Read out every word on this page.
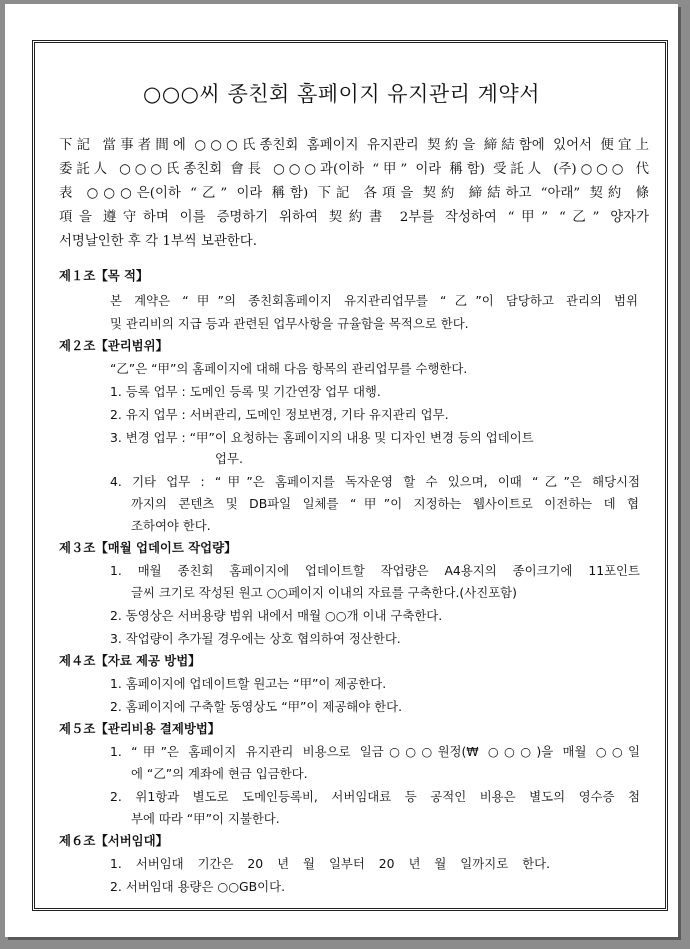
○○○씨 종친회 홈페이지 유지관리 계약서
下記 當事者間에 ○○○氏종친회 홈페이지 유지관리 契約을 締結함에 있어서 便宜上
委託人 ○○○氏종친회 會長 ○○○과(이하 “甲” 이라 稱함) 受託人 (주)○○○ 代
表 ○○○은(이하 “乙” 이라 稱함) 下記 各項을 契約 締結하고 “아래” 契約 條
項을 遵守하며 이를 증명하기 위하여 契約書 2부를 작성하여 “甲” “乙” 양자가
서명날인한 후 각 1부씩 보관한다.
제１조【목 적】
본 계약은 “甲”의 종친회홈페이지 유지관리업무를 “乙”이 담당하고 관리의 범위
및 관리비의 지급 등과 관련된 업무사항을 규율함을 목적으로 한다.
제２조【관리범위】
“乙”은 “甲”의 홈페이지에 대해 다음 항목의 관리업무를 수행한다.
1. 등록 업무 : 도메인 등록 및 기간연장 업무 대행.
2. 유지 업무 : 서버관리, 도메인 정보변경, 기타 유지관리 업무.
3. 변경 업무 : “甲”이 요청하는 홈페이지의 내용 및 디자인 변경 등의 업데이트
업무.
4. 기타 업무 : “甲”은 홈페이지를 독자운영 할 수 있으며, 이때 “乙”은 해당시점
까지의 콘텐츠 및 DB파일 일체를 “甲”이 지정하는 웹사이트로 이전하는 데 협
조하여야 한다.
제３조【매월 업데이트 작업량】
1. 매월 종친회 홈페이지에 업데이트할 작업량은 A4용지의 종이크기에 11포인트
글씨 크기로 작성된 원고 ○○페이지 이내의 자료를 구축한다.(사진포함)
2. 동영상은 서버용량 범위 내에서 매월 ○○개 이내 구축한다.
3. 작업량이 추가될 경우에는 상호 협의하여 정산한다.
제４조【자료 제공 방법】
1. 홈페이지에 업데이트할 원고는 “甲”이 제공한다.
2. 홈페이지에 구축할 동영상도 “甲”이 제공해야 한다.
제５조【관리비용 결제방법】
1. “甲”은 홈페이지 유지관리 비용으로 일금○○○원정(₩ ○○○)을 매월 ○○일
에 “乙”의 계좌에 현금 입금한다.
2. 위1항과 별도로 도메인등록비, 서버임대료 등 공적인 비용은 별도의 영수증 첨
부에 따라 “甲”이 지불한다.
제６조【서버임대】
1. 서버임대 기간은 20 년 월 일부터 20 년 월 일까지로 한다.
2. 서버임대 용량은 ○○GB이다.
